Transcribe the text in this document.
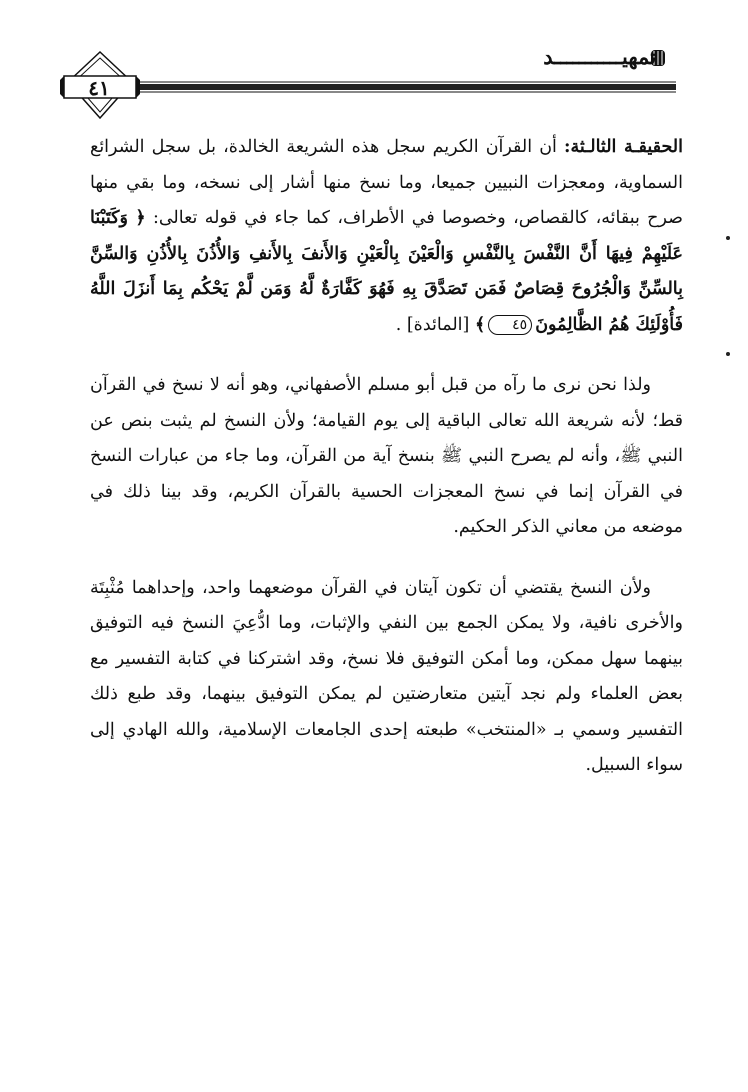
تمهيـــــــــــد
٤١

الحقيقـة الثالـثة: أن القرآن الكريم سجل هذه الشريعة الخالدة، بل سجل الشرائع السماوية، ومعجزات النبيين جميعا، وما نسخ منها أشار إلى نسخه، وما بقي منها صرح ببقائه، كالقصاص، وخصوصا في الأطراف، كما جاء في قوله تعالى: ﴿ وَكَتَبْنَا عَلَيْهِمْ فِيهَا أَنَّ النَّفْسَ بِالنَّفْسِ وَالْعَيْنَ بِالْعَيْنِ وَالأَنفَ بِالأَنفِ وَالأُذُنَ بِالأُذُنِ وَالسِّنَّ بِالسِّنِّ وَالْجُرُوحَ قِصَاصٌ فَمَن تَصَدَّقَ بِهِ فَهُوَ كَفَّارَةٌ لَّهُ وَمَن لَّمْ يَحْكُم بِمَا أَنزَلَ اللَّهُ فَأُوْلَئِكَ هُمُ الظَّالِمُونَ٤٥﴾ [المائدة] .

ولذا نحن نرى ما رآه من قبل أبو مسلم الأصفهاني، وهو أنه لا نسخ في القرآن قط؛ لأنه شريعة الله تعالى الباقية إلى يوم القيامة؛ ولأن النسخ لم يثبت بنص عن النبي ﷺ، وأنه لم يصرح النبي ﷺ بنسخ آية من القرآن، وما جاء من عبارات النسخ في القرآن إنما في نسخ المعجزات الحسية بالقرآن الكريم، وقد بينا ذلك في موضعه من معاني الذكر الحكيم.

ولأن النسخ يقتضي أن تكون آيتان في القرآن موضعهما واحد، وإحداهما مُثْبِتَة والأخرى نافية، ولا يمكن الجمع بين النفي والإثبات، وما ادُّعِيَ النسخ فيه التوفيق بينهما سهل ممكن، وما أمكن التوفيق فلا نسخ، وقد اشتركنا في كتابة التفسير مع بعض العلماء ولم نجد آيتين متعارضتين لم يمكن التوفيق بينهما، وقد طبع ذلك التفسير وسمي بـ «المنتخب» طبعته إحدى الجامعات الإسلامية، والله الهادي إلى سواء السبيل.
